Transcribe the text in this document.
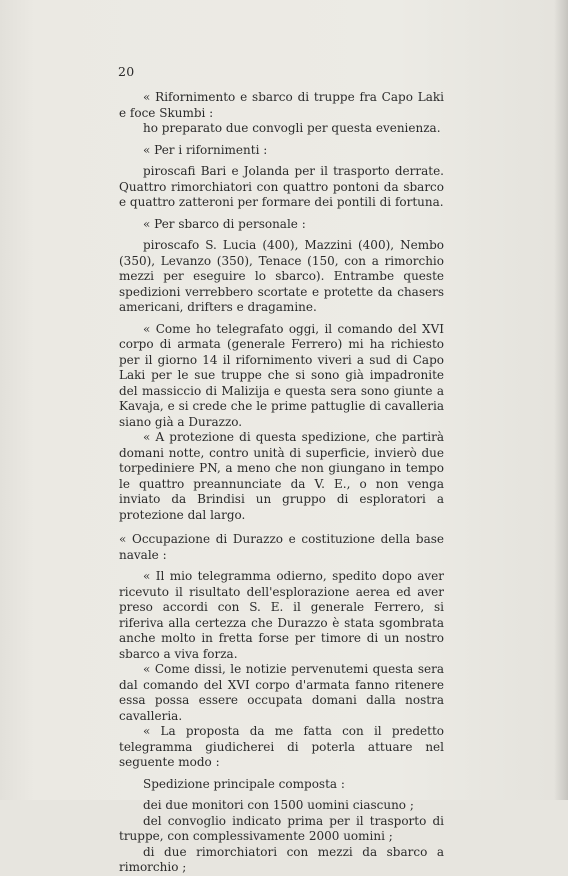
20

« Rifornimento e sbarco di truppe fra Capo Laki e foce Skumbi :

ho preparato due convogli per questa evenienza.

« Per i rifornimenti :

piroscafi Bari e Jolanda per il trasporto derrate. Quattro rimorchiatori con quattro pontoni da sbarco e quattro zatteroni per formare dei pontili di fortuna.

« Per sbarco di personale :

piroscafo S. Lucia (400), Mazzini (400), Nembo (350), Levanzo (350), Tenace (150, con a rimorchio mezzi per eseguire lo sbarco). Entrambe queste spedizioni verrebbero scortate e protette da chasers americani, drifters e dragamine.

« Come ho telegrafato oggi, il comando del XVI corpo di armata (generale Ferrero) mi ha richiesto per il giorno 14 il rifornimento viveri a sud di Capo Laki per le sue truppe che si sono già impadronite del massiccio di Malizija e questa sera sono giunte a Kavaja, e si crede che le prime pattuglie di cavalleria siano già a Durazzo.

« A protezione di questa spedizione, che partirà domani notte, contro unità di superficie, invierò due torpediniere PN, a meno che non giungano in tempo le quattro preannunciate da V. E., o non venga inviato da Brindisi un gruppo di esploratori a protezione dal largo.

« Occupazione di Durazzo e costituzione della base navale :

« Il mio telegramma odierno, spedito dopo aver ricevuto il risultato dell'esplorazione aerea ed aver preso accordi con S. E. il generale Ferrero, si riferiva alla certezza che Durazzo è stata sgombrata anche molto in fretta forse per timore di un nostro sbarco a viva forza.

« Come dissi, le notizie pervenutemi questa sera dal comando del XVI corpo d'armata fanno ritenere essa possa essere occupata domani dalla nostra cavalleria.

« La proposta da me fatta con il predetto telegramma giudicherei di poterla attuare nel seguente modo :

Spedizione principale composta :

dei due monitori con 1500 uomini ciascuno ;

del convoglio indicato prima per il trasporto di truppe, con complessivamente 2000 uomini ;

di due rimorchiatori con mezzi da sbarco a rimorchio ;
